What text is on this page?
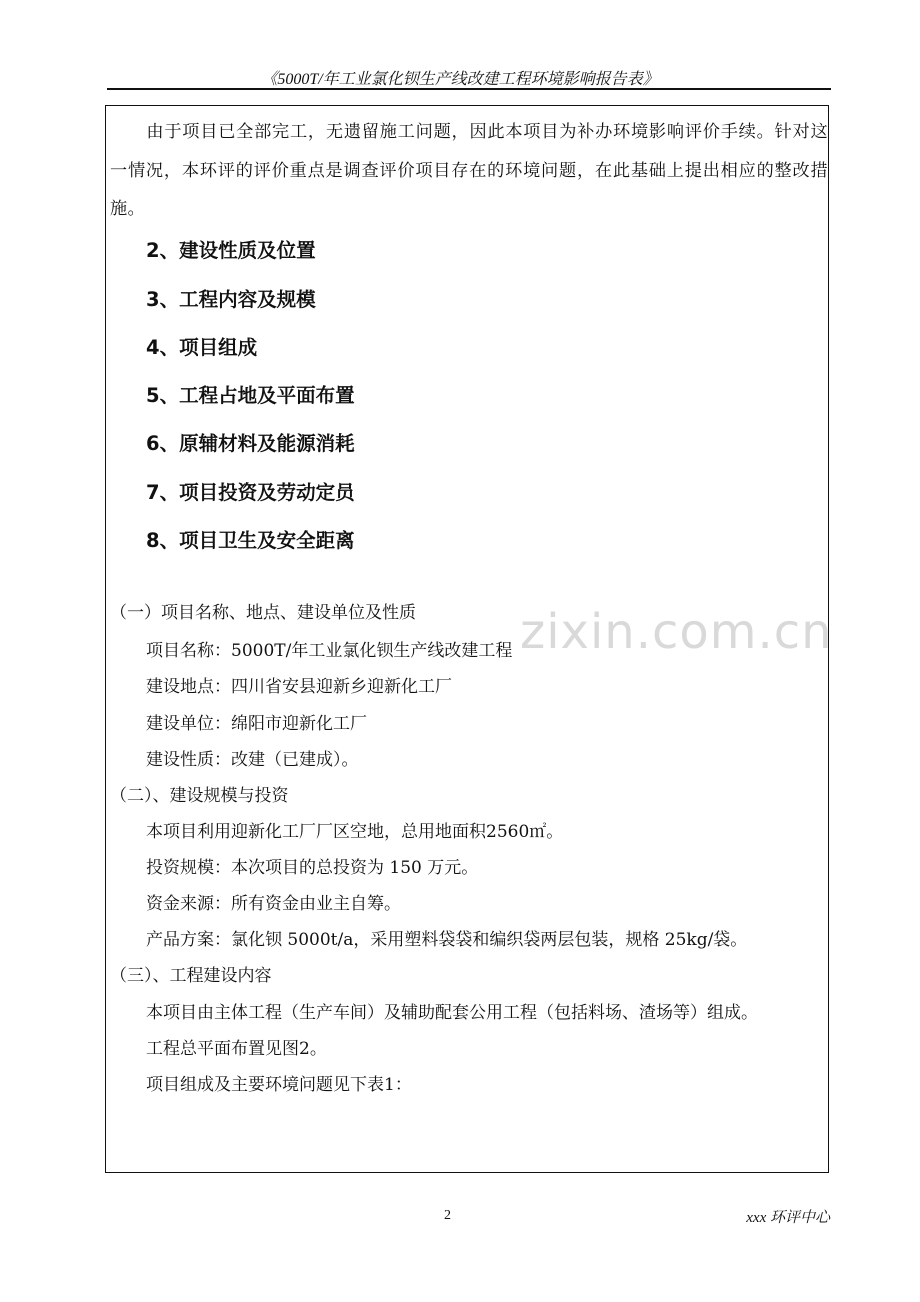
《5000T/年工业氯化钡生产线改建工程环境影响报告表》
由于项目已全部完工，无遗留施工问题，因此本项目为补办环境影响评价手续。针对这一情况，本环评的评价重点是调查评价项目存在的环境问题，在此基础上提出相应的整改措施。
2、建设性质及位置
3、工程内容及规模
4、项目组成
5、工程占地及平面布置
6、原辅材料及能源消耗
7、项目投资及劳动定员
8、项目卫生及安全距离
zixin.com.cn
（一）项目名称、地点、建设单位及性质
项目名称：5000T/年工业氯化钡生产线改建工程
建设地点：四川省安县迎新乡迎新化工厂
建设单位：绵阳市迎新化工厂
建设性质：改建（已建成）。
（二）、建设规模与投资
本项目利用迎新化工厂厂区空地，总用地面积2560㎡。
投资规模：本次项目的总投资为 150 万元。
资金来源：所有资金由业主自筹。
产品方案：氯化钡 5000t/a，采用塑料袋袋和编织袋两层包装，规格 25kg/袋。
（三）、工程建设内容
本项目由主体工程（生产车间）及辅助配套公用工程（包括料场、渣场等）组成。
工程总平面布置见图2。
项目组成及主要环境问题见下表1：
2	xxx 环评中心
